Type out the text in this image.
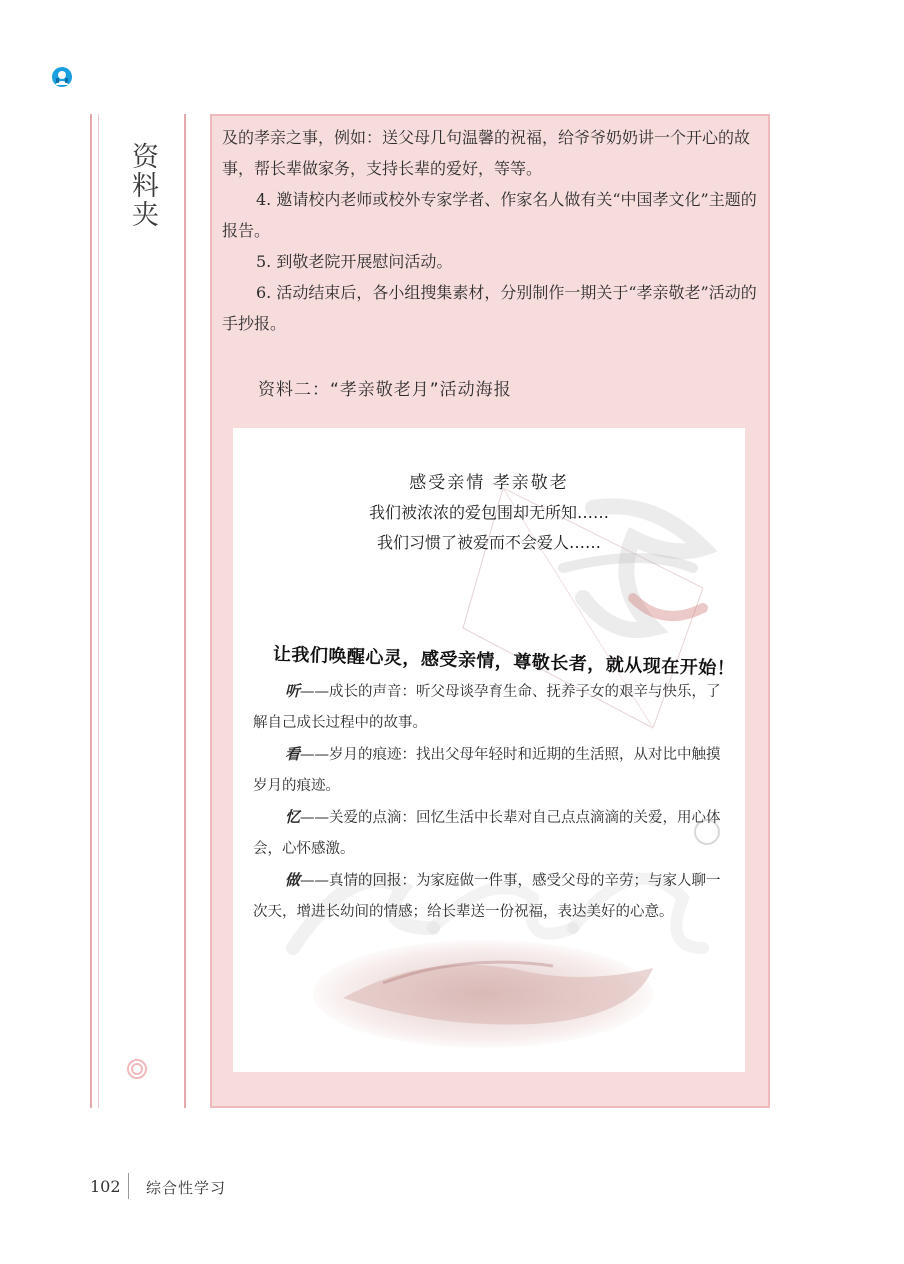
资料夹

及的孝亲之事，例如：送父母几句温馨的祝福，给爷爷奶奶讲一个开心的故事，帮长辈做家务，支持长辈的爱好，等等。

4. 邀请校内老师或校外专家学者、作家名人做有关“中国孝文化”主题的报告。

5. 到敬老院开展慰问活动。

6. 活动结束后，各小组搜集素材，分别制作一期关于“孝亲敬老”活动的手抄报。

资料二：“孝亲敬老月”活动海报
感受亲情 孝亲敬老
我们被浓浓的爱包围却无所知……
我们习惯了被爱而不会爱人……
让我们唤醒心灵，感受亲情，尊敬长者，就从现在开始！

听——成长的声音：听父母谈孕育生命、抚养子女的艰辛与快乐，了解自己成长过程中的故事。

看——岁月的痕迹：找出父母年轻时和近期的生活照，从对比中触摸岁月的痕迹。

忆——关爱的点滴：回忆生活中长辈对自己点点滴滴的关爱，用心体会，心怀感激。

做——真情的回报：为家庭做一件事，感受父母的辛劳；与家人聊一次天，增进长幼间的情感；给长辈送一份祝福，表达美好的心意。

102 综合性学习
